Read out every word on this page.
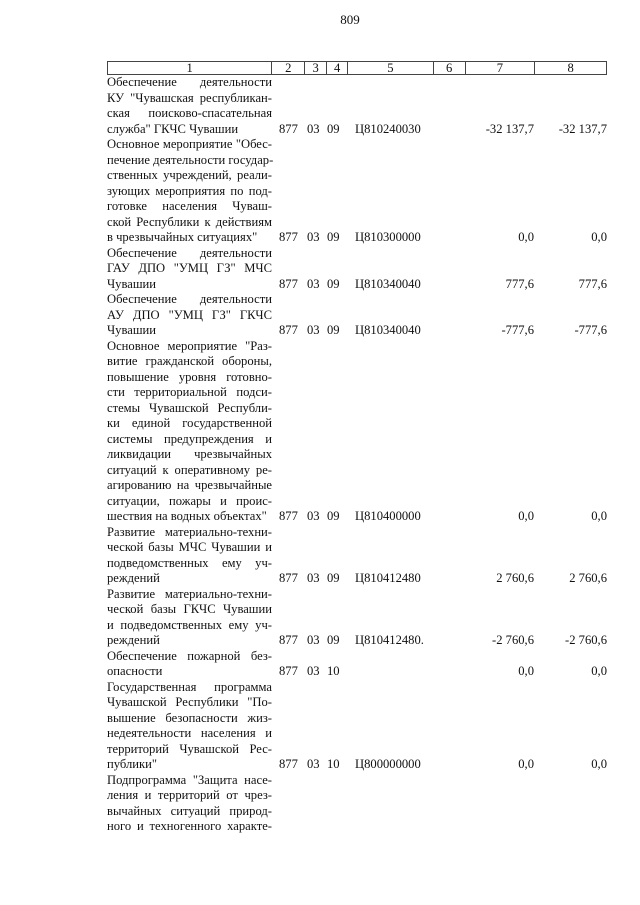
809
1	2	3	4	5	6	7	8
Обеспечение деятельности
КУ "Чувашская республикан-
ская поисково-спасательная
служба" ГКЧС Чувашии	877 03 09	Ц810240030
	-32 137,7	-32 137,7
Основное мероприятие "Обес-
печение деятельности государ-
ственных учреждений, реали-
зующих мероприятия по под-
готовке населения Чуваш-
ской Республики к действиям
в чрезвычайных ситуациях"	877 03 09	Ц810300000
	0,0	0,0
Обеспечение деятельности
ГАУ ДПО "УМЦ ГЗ" МЧС
Чувашии	877 03 09	Ц810340040
	777,6	777,6
Обеспечение деятельности
АУ ДПО "УМЦ ГЗ" ГКЧС
Чувашии	877 03 09	Ц810340040
	-777,6	-777,6
Основное мероприятие "Раз-
витие гражданской обороны,
повышение уровня готовно-
сти территориальной подси-
стемы Чувашской Республи-
ки единой государственной
системы предупреждения и
ликвидации чрезвычайных
ситуаций к оперативному ре-
агированию на чрезвычайные
ситуации, пожары и проис-
шествия на водных объектах" 877 03 09	Ц810400000
	0,0	0,0
Развитие материально-техни-
ческой базы МЧС Чувашии и
подведомственных ему уч-
реждений	877 03 09	Ц810412480
	2 760,6	2 760,6
Развитие материально-техни-
ческой базы ГКЧС Чувашии
и подведомственных ему уч-
реждений	877 03 09	Ц810412480.
	-2 760,6	-2 760,6
Обеспечение пожарной без-
опасности	877 03 10

	0,0	0,0
Государственная программа
Чувашской Республики "По-
вышение безопасности жиз-
недеятельности населения и
территорий Чувашской Рес-
публики"	877 03 10	Ц800000000
	0,0	0,0
Подпрограмма "Защита насе-
ления и территорий от чрез-
вычайных ситуаций природ-
ного и техногенного характе-
